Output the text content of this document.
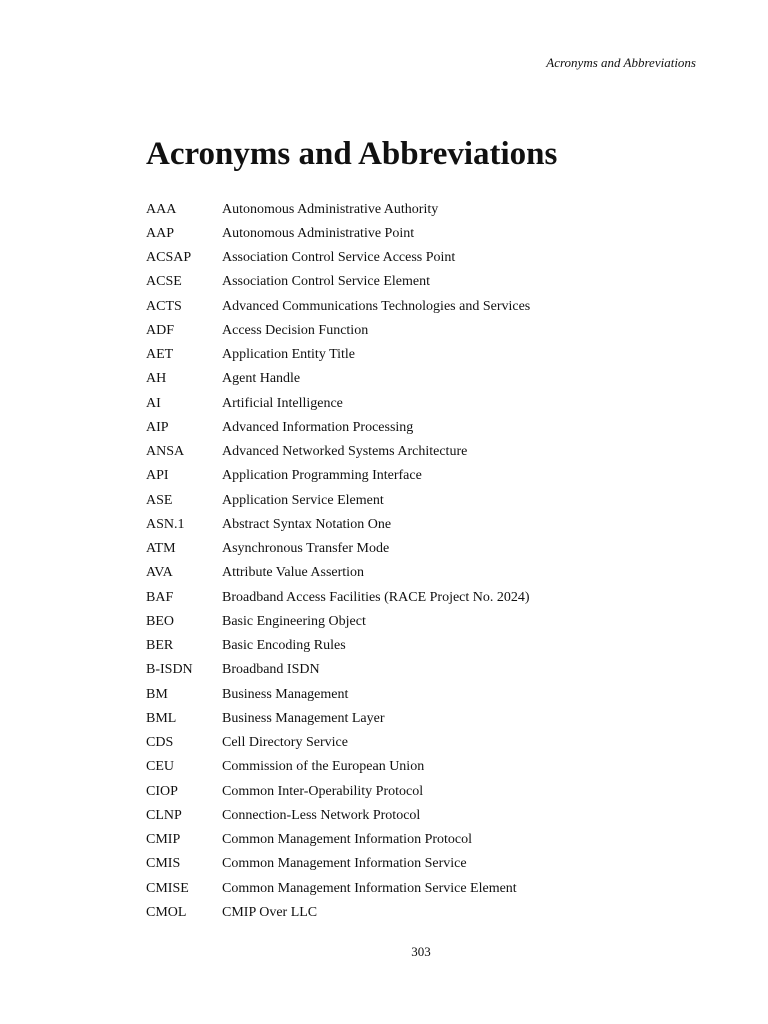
Acronyms and Abbreviations
Acronyms and Abbreviations
AAA	Autonomous Administrative Authority
AAP	Autonomous Administrative Point
ACSAP	Association Control Service Access Point
ACSE	Association Control Service Element
ACTS	Advanced Communications Technologies and Services
ADF	Access Decision Function
AET	Application Entity Title
AH	Agent Handle
AI	Artificial Intelligence
AIP	Advanced Information Processing
ANSA	Advanced Networked Systems Architecture
API	Application Programming Interface
ASE	Application Service Element
ASN.1	Abstract Syntax Notation One
ATM	Asynchronous Transfer Mode
AVA	Attribute Value Assertion
BAF	Broadband Access Facilities (RACE Project No. 2024)
BEO	Basic Engineering Object
BER	Basic Encoding Rules
B-ISDN	Broadband ISDN
BM	Business Management
BML	Business Management Layer
CDS	Cell Directory Service
CEU	Commission of the European Union
CIOP	Common Inter-Operability Protocol
CLNP	Connection-Less Network Protocol
CMIP	Common Management Information Protocol
CMIS	Common Management Information Service
CMISE	Common Management Information Service Element
CMOL	CMIP Over LLC
303
